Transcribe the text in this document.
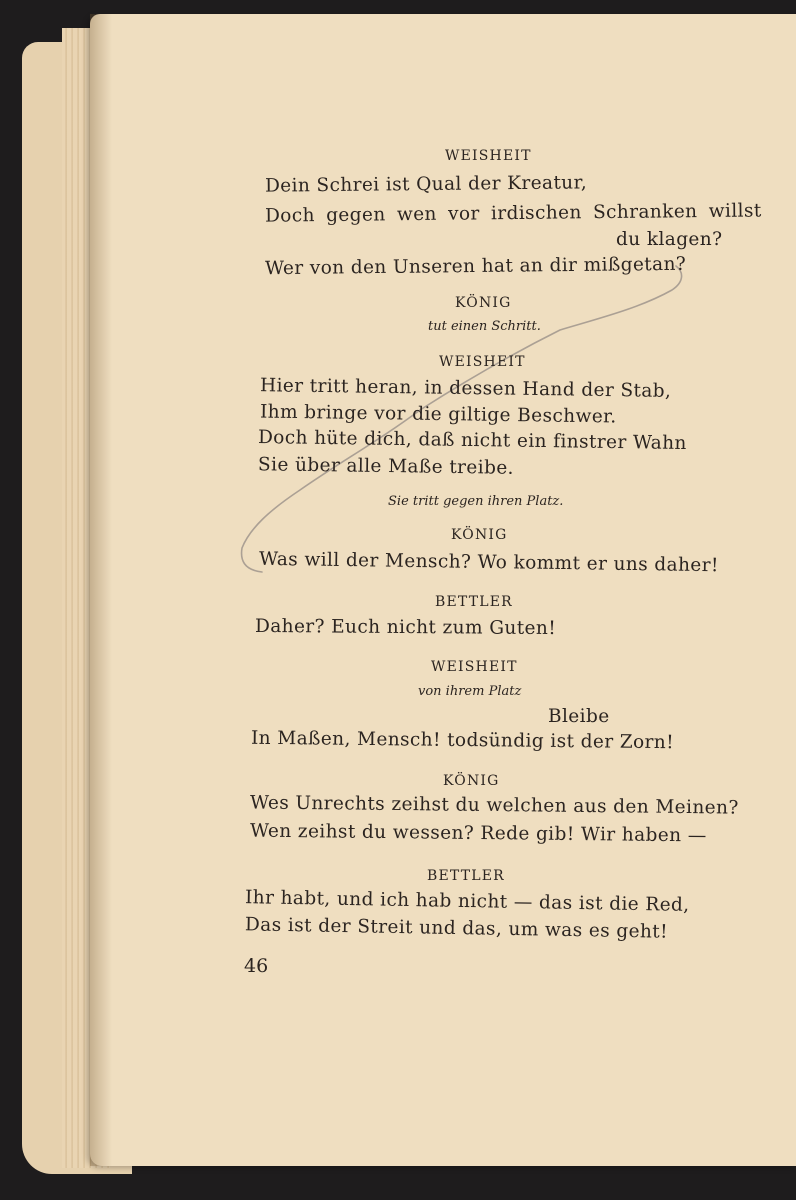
WEISHEIT
Dein Schrei ist Qual der Kreatur,
Doch gegen wen vor irdischen Schranken willst
du klagen?
Wer von den Unseren hat an dir mißgetan?
KÖNIG
tut einen Schritt.
WEISHEIT
Hier tritt heran, in dessen Hand der Stab,
Ihm bringe vor die giltige Beschwer.
Doch hüte dich, daß nicht ein finstrer Wahn
Sie über alle Maße treibe.
Sie tritt gegen ihren Platz.
KÖNIG
Was will der Mensch? Wo kommt er uns daher!
BETTLER
Daher? Euch nicht zum Guten!
WEISHEIT
von ihrem Platz
Bleibe
In Maßen, Mensch! todsündig ist der Zorn!
KÖNIG
Wes Unrechts zeihst du welchen aus den Meinen?
Wen zeihst du wessen? Rede gib! Wir haben —
BETTLER
Ihr habt, und ich hab nicht — das ist die Red,
Das ist der Streit und das, um was es geht!
46
